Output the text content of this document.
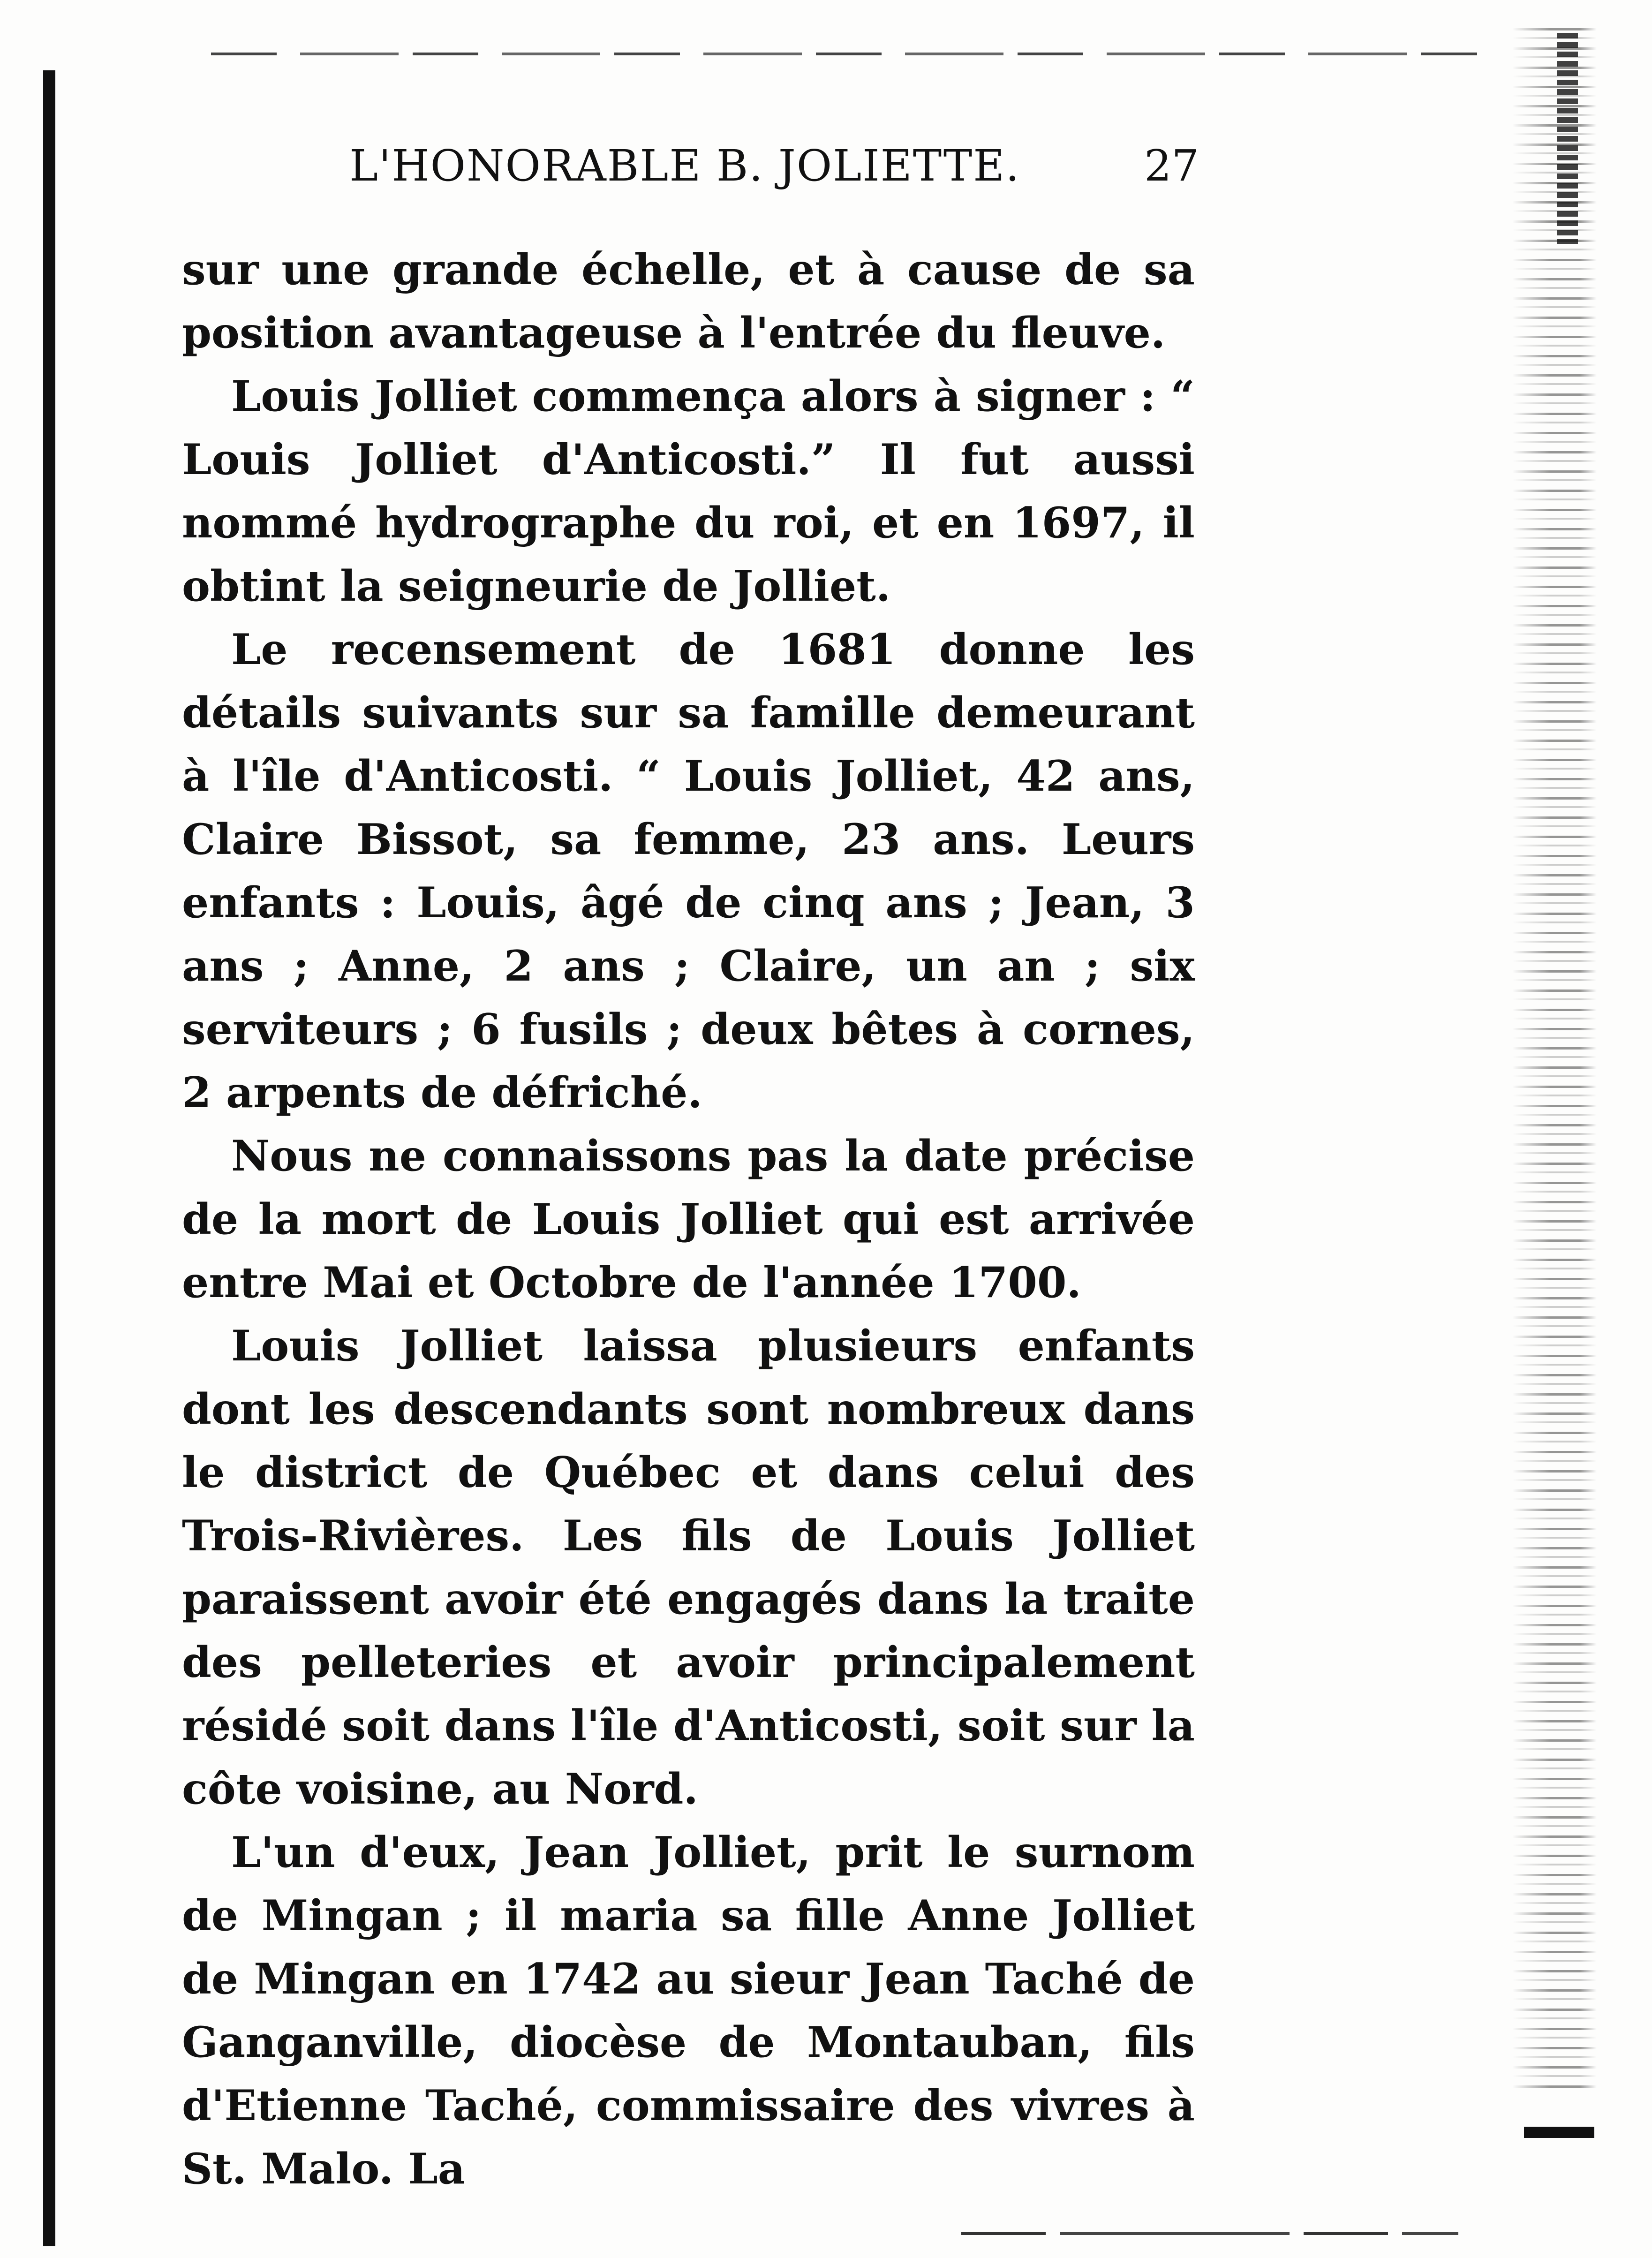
L'HONORABLE B. JOLIETTE.	27

sur une grande échelle, et à cause de sa position avantageuse à l'entrée du fleuve.

Louis Jolliet commença alors à signer : “ Louis Jolliet d'Anticosti.” Il fut aussi nommé hydrographe du roi, et en 1697, il obtint la seigneurie de Jolliet.

Le recensement de 1681 donne les détails suivants sur sa famille demeurant à l'île d'Anticosti. “ Louis Jolliet, 42 ans, Claire Bissot, sa femme, 23 ans. Leurs enfants : Louis, âgé de cinq ans ; Jean, 3 ans ; Anne, 2 ans ; Claire, un an ; six serviteurs ; 6 fusils ; deux bêtes à cornes, 2 arpents de défriché.

Nous ne connaissons pas la date précise de la mort de Louis Jolliet qui est arrivée entre Mai et Octobre de l'année 1700.

Louis Jolliet laissa plusieurs enfants dont les descendants sont nombreux dans le district de Québec et dans celui des Trois-Rivières. Les fils de Louis Jolliet paraissent avoir été engagés dans la traite des pelleteries et avoir principalement résidé soit dans l'île d'Anticosti, soit sur la côte voisine, au Nord.

L'un d'eux, Jean Jolliet, prit le surnom de Mingan ; il maria sa fille Anne Jolliet de Mingan en 1742 au sieur Jean Taché de Ganganville, diocèse de Montauban, fils d'Etienne Taché, commissaire des vivres à St. Malo. La
